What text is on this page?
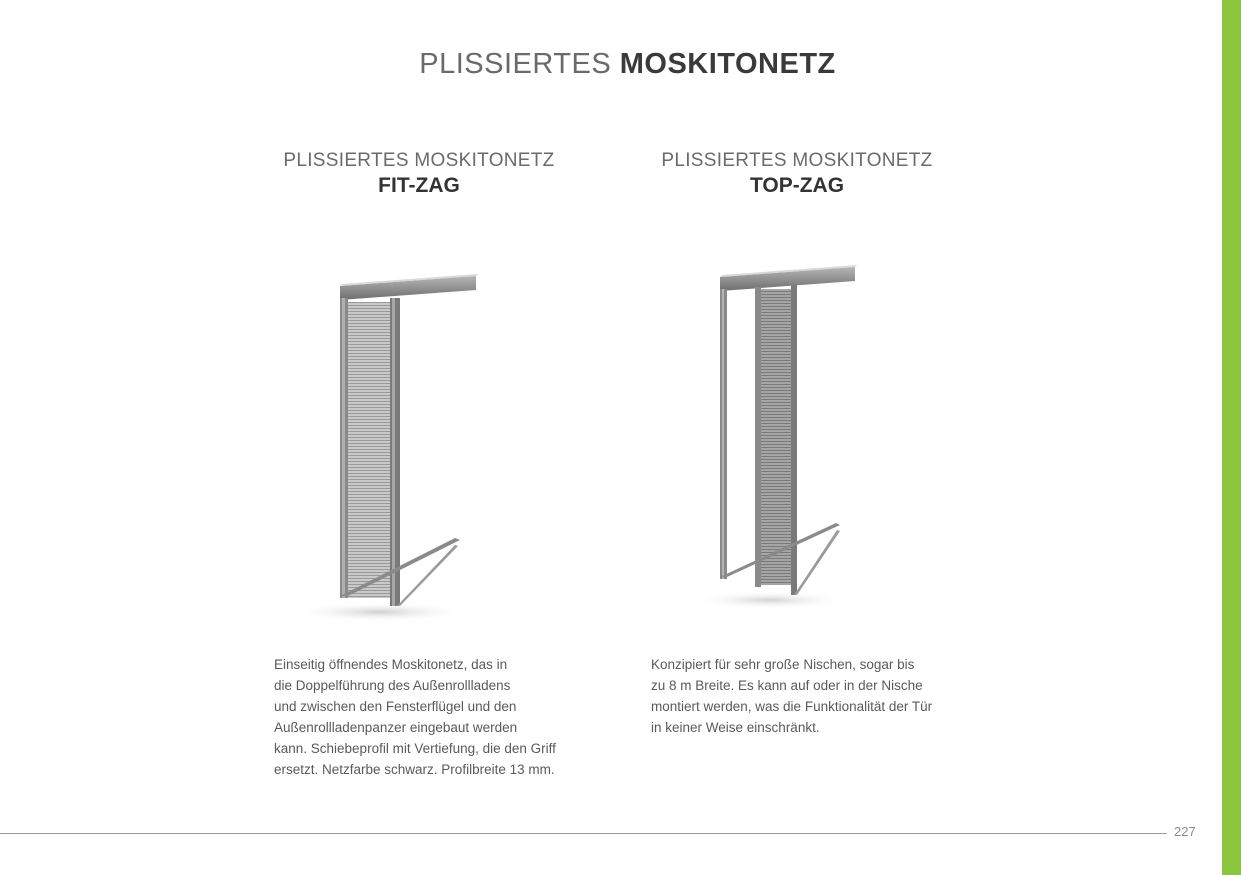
PLISSIERTES MOSKITONETZ
PLISSIERTES MOSKITONETZ
FIT-ZAG

Einseitig öffnendes Moskitonetz, das in
die Doppelführung des Außenrollladens
und zwischen den Fensterflügel und den
Außenrollladenpanzer eingebaut werden
kann. Schiebeprofil mit Vertiefung, die den Griff
ersetzt. Netzfarbe schwarz. Profilbreite 13 mm.

PLISSIERTES MOSKITONETZ
TOP-ZAG

Konzipiert für sehr große Nischen, sogar bis
zu 8 m Breite. Es kann auf oder in der Nische
montiert werden, was die Funktionalität der Tür
in keiner Weise einschränkt.

227
